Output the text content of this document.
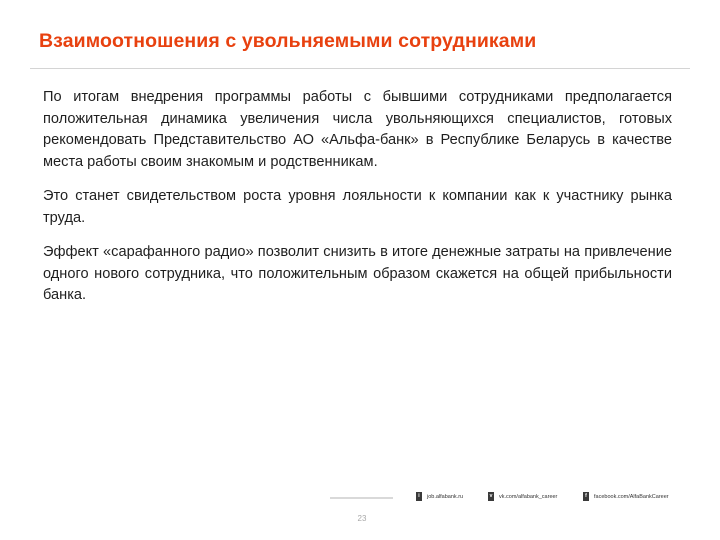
Взаимоотношения с увольняемыми сотрудниками

По итогам внедрения программы работы с бывшими сотрудниками предполагается положительная динамика увеличения числа увольняющихся специалистов, готовых рекомендовать Представительство АО «Альфа-банк» в Республике Беларусь в качестве места работы своим знакомым и родственникам.

Это станет свидетельством роста уровня лояльности к компании как к участнику рынка труда.

Эффект «сарафанного радио» позволит снизить в итоге денежные затраты на привлечение одного нового сотрудника, что положительным образом скажется на общей прибыльности банка.

i	job.alfabank.ru	v vk.com/alfabank_career	f	facebook.com/AlfaBankCareer
23
